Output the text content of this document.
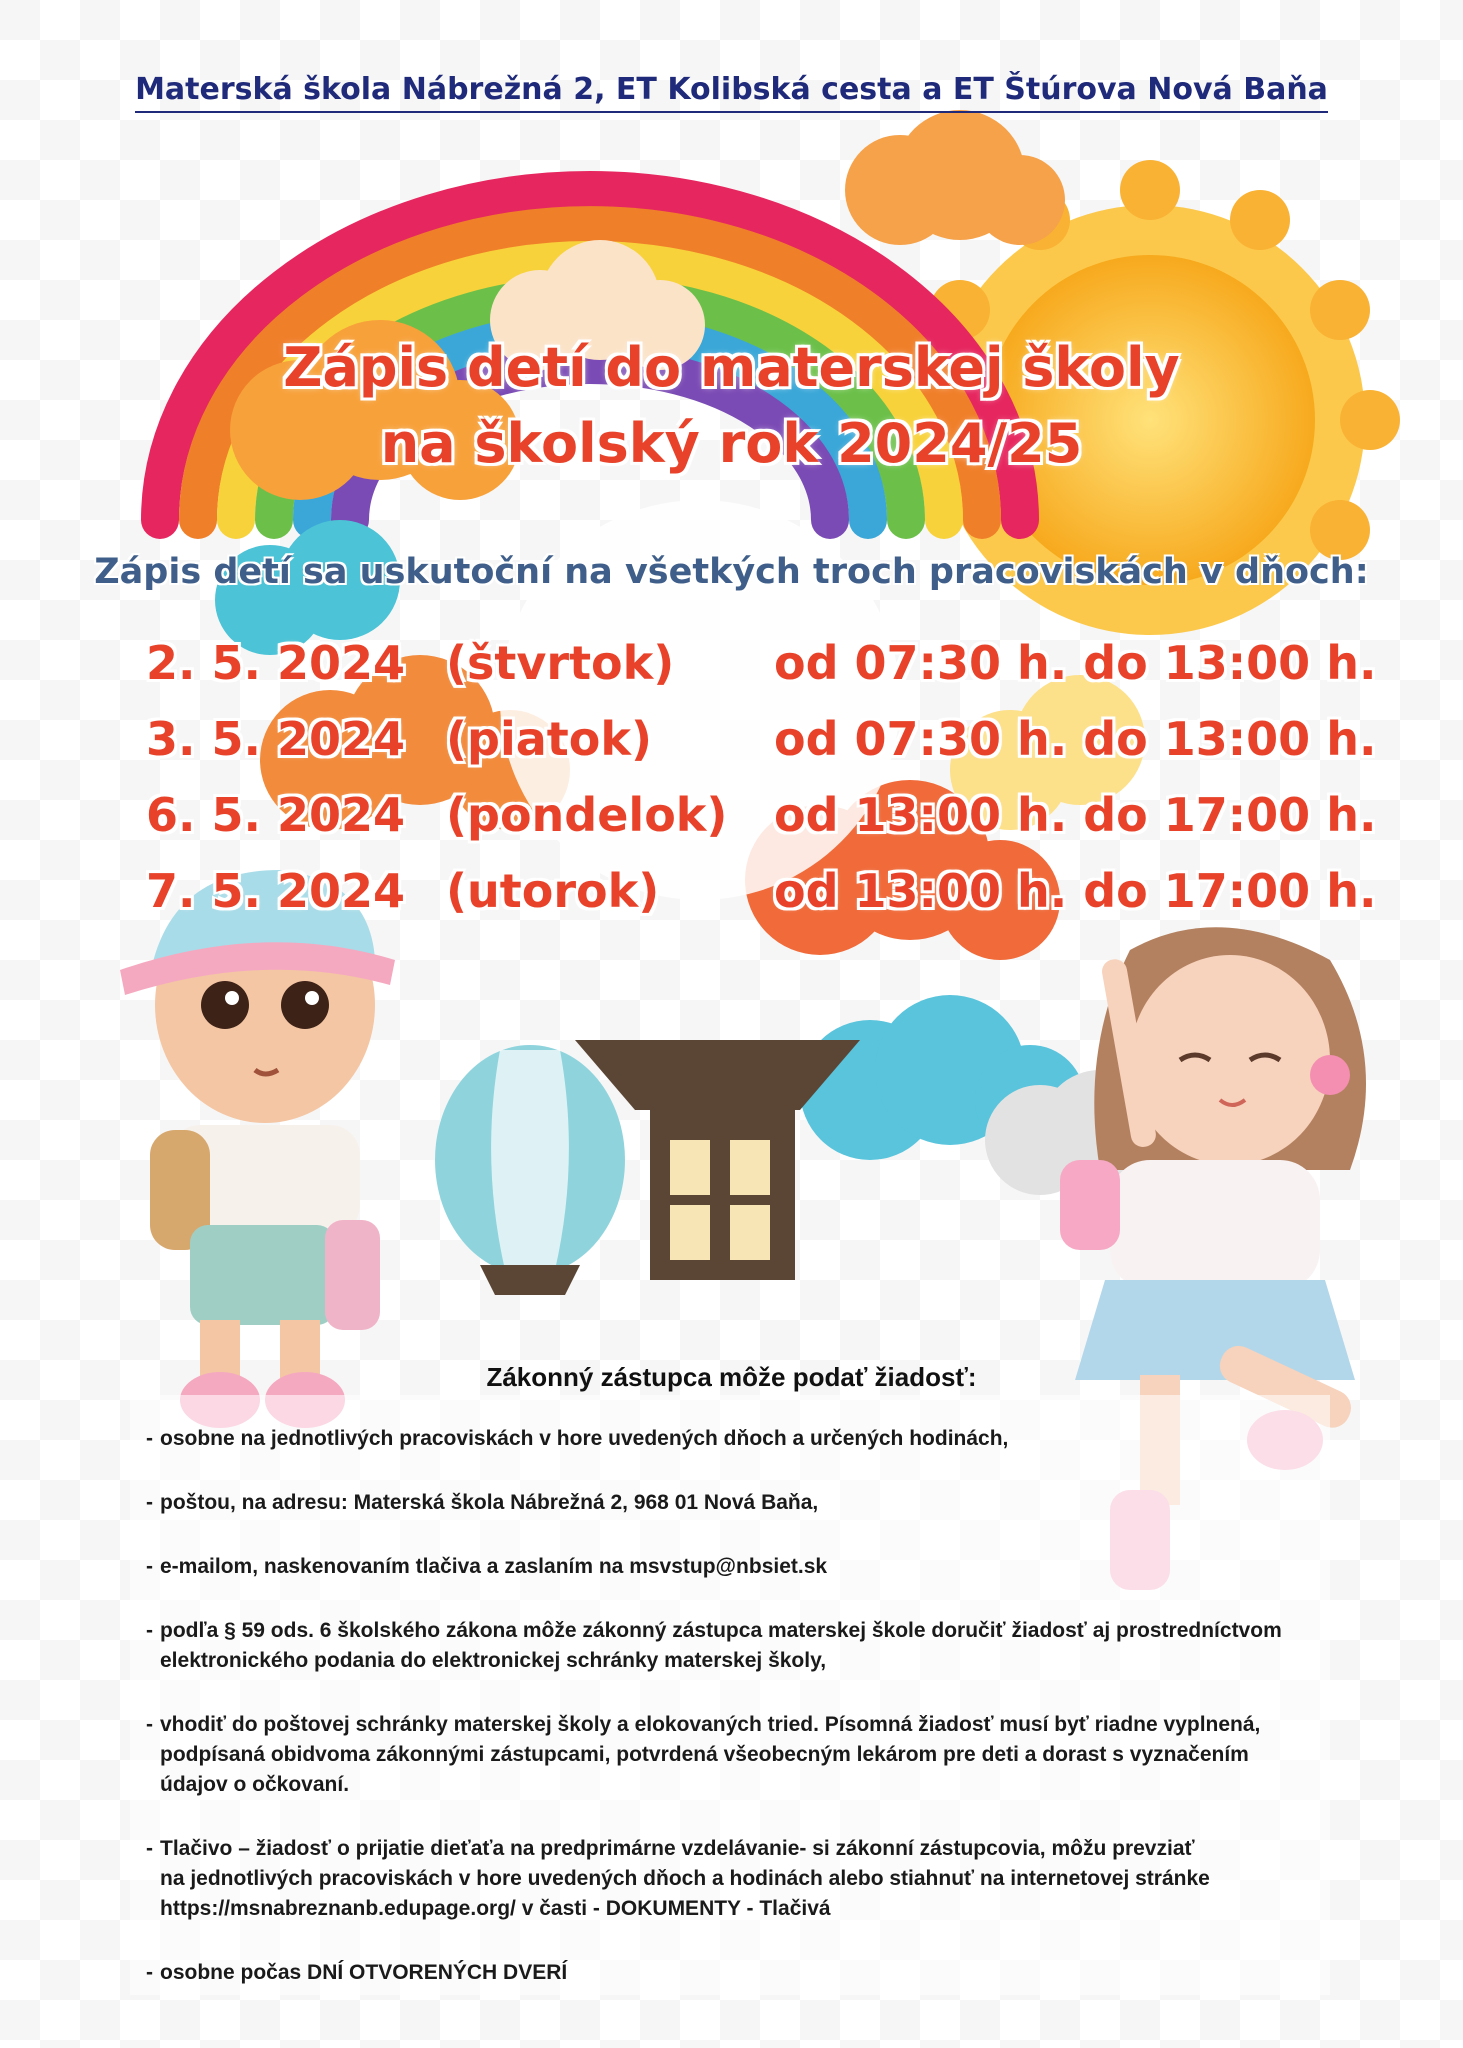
Materská škola Nábrežná 2, ET Kolibská cesta a ET Štúrova Nová Baňa
Zápis detí do materskej školy
na školský rok 2024/25
Zápis detí sa uskutoční na všetkých troch pracoviskách v dňoch:
2. 5. 2024 (štvrtok) od 07:30 h. do 13:00 h.
3. 5. 2024 (piatok)	od 07:30 h. do 13:00 h.
6. 5. 2024 (pondelok) od 13:00 h. do 17:00 h.
7. 5. 2024 (utorok) od 13:00 h. do 17:00 h.
Zákonný zástupca môže podať žiadosť:
- osobne na jednotlivých pracoviskách v hore uvedených dňoch a určených hodinách,
- poštou, na adresu: Materská škola Nábrežná 2, 968 01 Nová Baňa,
- e-mailom, naskenovaním tlačiva a zaslaním na msvstup@nbsiet.sk
- podľa § 59 ods. 6 školského zákona môže zákonný zástupca materskej škole doručiť žiadosť aj prostredníctvom
elektronického podania do elektronickej schránky materskej školy,
- vhodiť do poštovej schránky materskej školy a elokovaných tried. Písomná žiadosť musí byť riadne vyplnená,
podpísaná obidvoma zákonnými zástupcami, potvrdená všeobecným lekárom pre deti a dorast s vyznačením
údajov o očkovaní.
- Tlačivo – žiadosť o prijatie dieťaťa na predprimárne vzdelávanie- si zákonní zástupcovia, môžu prevziať
na jednotlivých pracoviskách v hore uvedených dňoch a hodinách alebo stiahnuť na internetovej stránke
https://msnabreznanb.edupage.org/ v časti - DOKUMENTY - Tlačivá
- osobne počas DNÍ OTVORENÝCH DVERÍ
